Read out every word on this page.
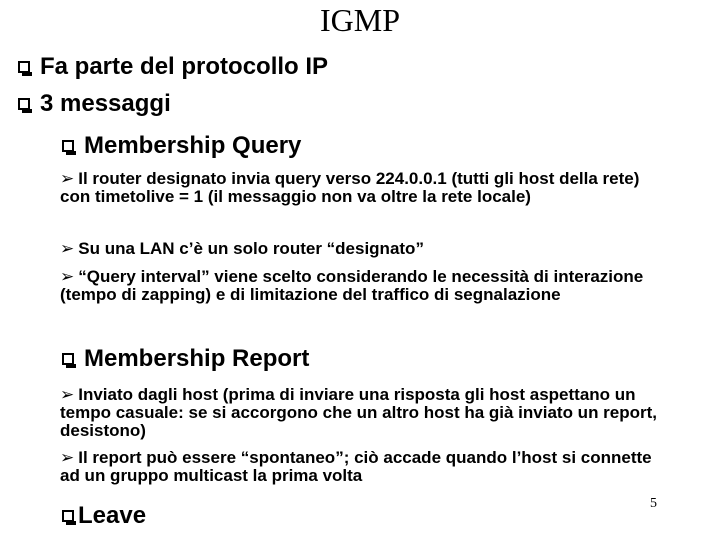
IGMP
Fa parte del protocollo IP
3 messaggi
Membership Query
➢ Il router designato invia query verso 224.0.0.1 (tutti gli host della rete) con timetolive = 1 (il messaggio non va oltre la rete locale)
➢ Su una LAN c’è un solo router “designato”
➢ “Query interval” viene scelto considerando le necessità di interazione (tempo di zapping) e di limitazione del traffico di segnalazione
Membership Report
➢ Inviato dagli host (prima di inviare una risposta gli host aspettano un tempo casuale: se si accorgono che un altro host ha già inviato un report, desistono)
➢ Il report può essere “spontaneo”; ciò accade quando l’host si connette ad un gruppo multicast la prima volta
Leave	5
